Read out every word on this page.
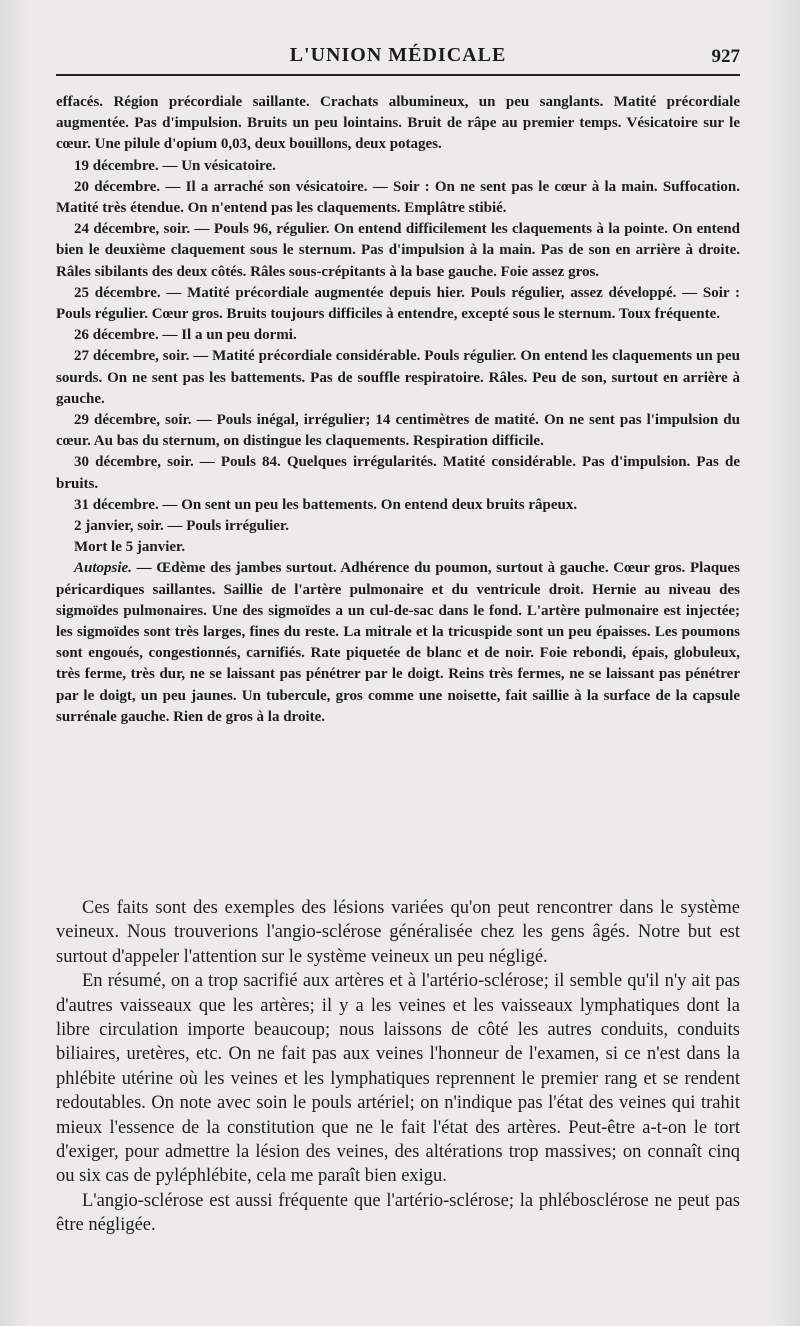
L'UNION MÉDICALE	927

effacés. Région précordiale saillante. Crachats albumineux, un peu sanglants. Matité précordiale augmentée. Pas d'impulsion. Bruits un peu lointains. Bruit de râpe au premier temps. Vésicatoire sur le cœur. Une pilule d'opium 0,03, deux bouillons, deux potages.

19 décembre. — Un vésicatoire.

20 décembre. — Il a arraché son vésicatoire. — Soir : On ne sent pas le cœur à la main. Suffocation. Matité très étendue. On n'entend pas les claquements. Emplâtre stibié.

24 décembre, soir. — Pouls 96, régulier. On entend difficilement les claquements à la pointe. On entend bien le deuxième claquement sous le sternum. Pas d'impulsion à la main. Pas de son en arrière à droite. Râles sibilants des deux côtés. Râles sous-crépitants à la base gauche. Foie assez gros.

25 décembre. — Matité précordiale augmentée depuis hier. Pouls régulier, assez développé. — Soir : Pouls régulier. Cœur gros. Bruits toujours difficiles à entendre, excepté sous le sternum. Toux fréquente.

26 décembre. — Il a un peu dormi.

27 décembre, soir. — Matité précordiale considérable. Pouls régulier. On entend les claquements un peu sourds. On ne sent pas les battements. Pas de souffle respiratoire. Râles. Peu de son, surtout en arrière à gauche.

29 décembre, soir. — Pouls inégal, irrégulier; 14 centimètres de matité. On ne sent pas l'impulsion du cœur. Au bas du sternum, on distingue les claquements. Respiration difficile.

30 décembre, soir. — Pouls 84. Quelques irrégularités. Matité considérable. Pas d'impulsion. Pas de bruits.

31 décembre. — On sent un peu les battements. On entend deux bruits râpeux.

2 janvier, soir. — Pouls irrégulier.

Mort le 5 janvier.

Autopsie. — Œdème des jambes surtout. Adhérence du poumon, surtout à gauche. Cœur gros. Plaques péricardiques saillantes. Saillie de l'artère pulmonaire et du ventricule droit. Hernie au niveau des sigmoïdes pulmonaires. Une des sigmoïdes a un cul-de-sac dans le fond. L'artère pulmonaire est injectée; les sigmoïdes sont très larges, fines du reste. La mitrale et la tricuspide sont un peu épaisses. Les poumons sont engoués, congestionnés, carnifiés. Rate piquetée de blanc et de noir. Foie rebondi, épais, globuleux, très ferme, très dur, ne se laissant pas pénétrer par le doigt. Reins très fermes, ne se laissant pas pénétrer par le doigt, un peu jaunes. Un tubercule, gros comme une noisette, fait saillie à la surface de la capsule surrénale gauche. Rien de gros à la droite.

Ces faits sont des exemples des lésions variées qu'on peut rencontrer dans le système veineux. Nous trouverions l'angio-sclérose généralisée chez les gens âgés. Notre but est surtout d'appeler l'attention sur le système veineux un peu négligé.

En résumé, on a trop sacrifié aux artères et à l'artério-sclérose; il semble qu'il n'y ait pas d'autres vaisseaux que les artères; il y a les veines et les vaisseaux lymphatiques dont la libre circulation importe beaucoup; nous laissons de côté les autres conduits, conduits biliaires, uretères, etc. On ne fait pas aux veines l'honneur de l'examen, si ce n'est dans la phlébite utérine où les veines et les lymphatiques reprennent le premier rang et se rendent redoutables. On note avec soin le pouls artériel; on n'indique pas l'état des veines qui trahit mieux l'essence de la constitution que ne le fait l'état des artères. Peut-être a-t-on le tort d'exiger, pour admettre la lésion des veines, des altérations trop massives; on connaît cinq ou six cas de pyléphlébite, cela me paraît bien exigu.

L'angio-sclérose est aussi fréquente que l'artério-sclérose; la phlébosclérose ne peut pas être négligée.
